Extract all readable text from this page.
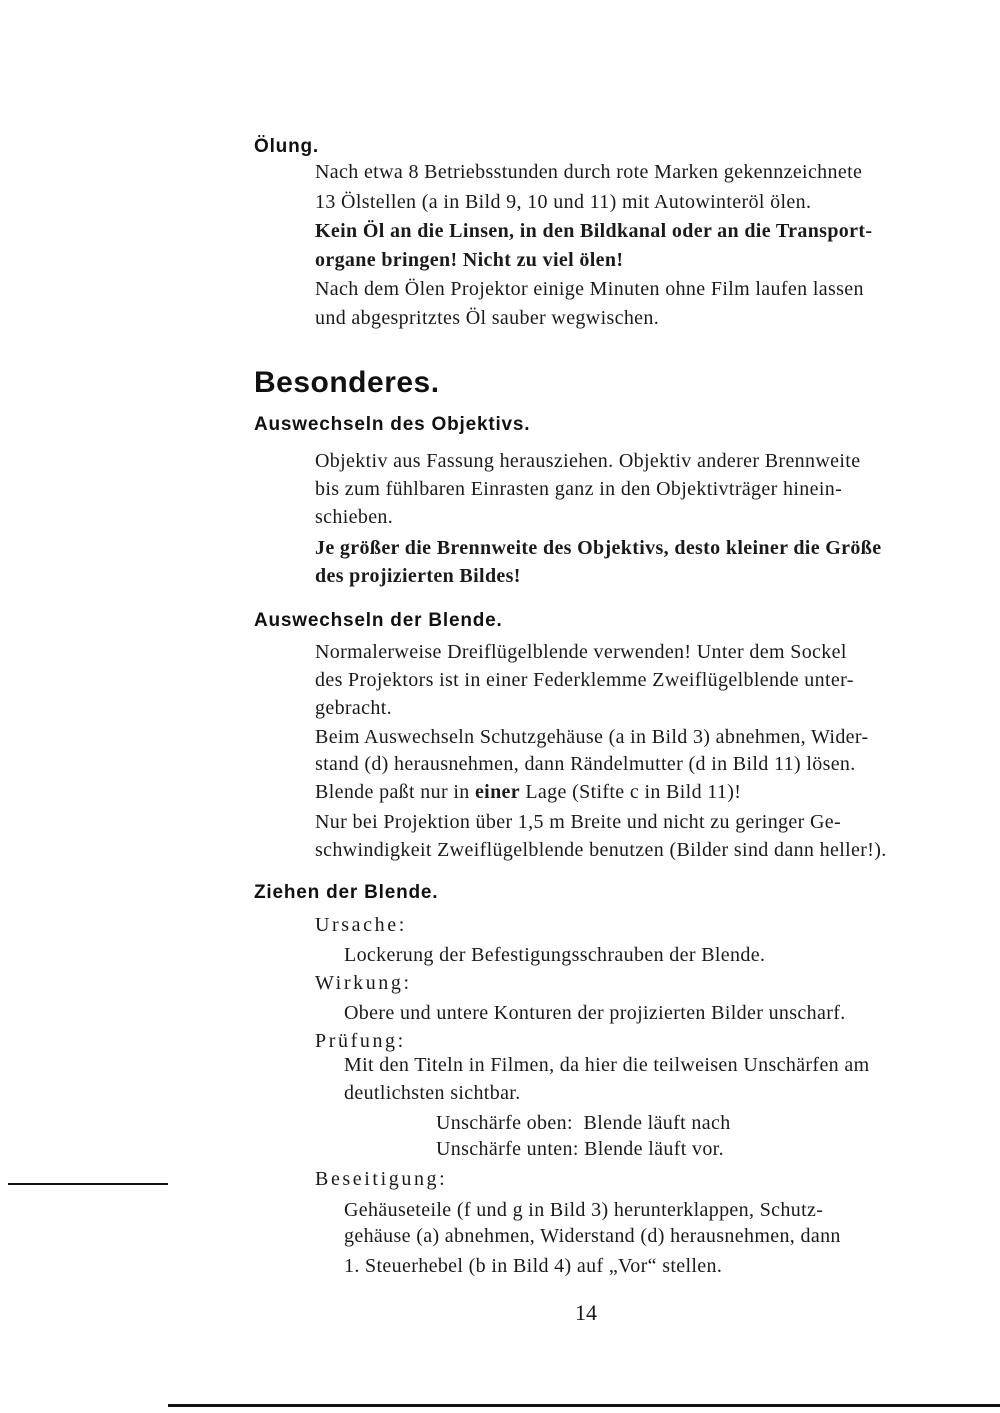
Ölung.
Nach etwa 8 Betriebsstunden durch rote Marken gekennzeichnete
13 Ölstellen (a in Bild 9, 10 und 11) mit Autowinteröl ölen.
Kein Öl an die Linsen, in den Bildkanal oder an die Transport-
organe bringen! Nicht zu viel ölen!
Nach dem Ölen Projektor einige Minuten ohne Film laufen lassen
und abgespritztes Öl sauber wegwischen.
Besonderes.
Auswechseln des Objektivs.
Objektiv aus Fassung herausziehen. Objektiv anderer Brennweite
bis zum fühlbaren Einrasten ganz in den Objektivträger hinein-
schieben.
Je größer die Brennweite des Objektivs, desto kleiner die Größe
des projizierten Bildes!
Auswechseln der Blende.
Normalerweise Dreiflügelblende verwenden! Unter dem Sockel
des Projektors ist in einer Federklemme Zweiflügelblende unter-
gebracht.
Beim Auswechseln Schutzgehäuse (a in Bild 3) abnehmen, Wider-
stand (d) herausnehmen, dann Rändelmutter (d in Bild 11) lösen.
Blende paßt nur in einer Lage (Stifte c in Bild 11)!
Nur bei Projektion über 1,5 m Breite und nicht zu geringer Ge-
schwindigkeit Zweiflügelblende benutzen (Bilder sind dann heller!).
Ziehen der Blende.
Ursache:
Lockerung der Befestigungsschrauben der Blende.
Wirkung:
Obere und untere Konturen der projizierten Bilder unscharf.
Prüfung:
Mit den Titeln in Filmen, da hier die teilweisen Unschärfen am
deutlichsten sichtbar.
Unschärfe oben:  Blende läuft nach
Unschärfe unten: Blende läuft vor.
Beseitigung:
Gehäuseteile (f und g in Bild 3) herunterklappen, Schutz-
gehäuse (a) abnehmen, Widerstand (d) herausnehmen, dann
1. Steuerhebel (b in Bild 4) auf „Vor“ stellen.
14
